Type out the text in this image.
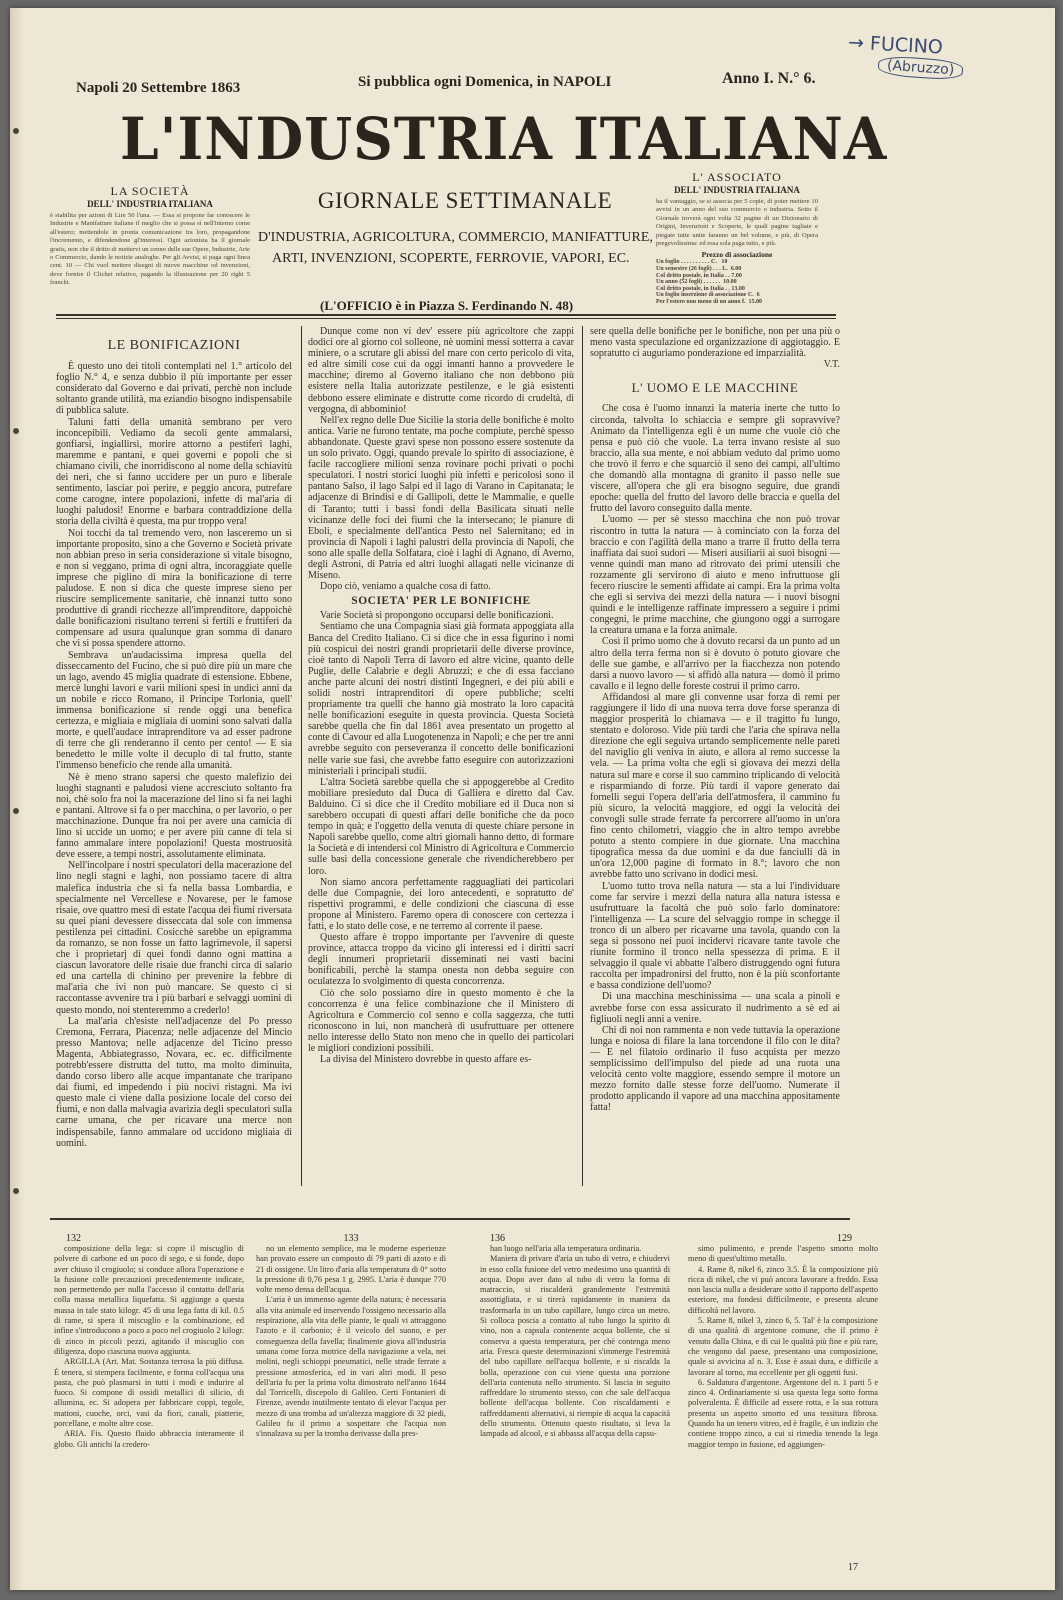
→ FUCINO
(Abruzzo)
Napoli 20 Settembre 1863	Si pubblica ogni Domenica, in NAPOLI	Anno I. N.° 6.
L'INDUSTRIA ITALIANA
GIORNALE SETTIMANALE
D'INDUSTRIA, AGRICOLTURA, COMMERCIO, MANIFATTURE,
ARTI, INVENZIONI, SCOPERTE, FERROVIE, VAPORI, EC.
(L'OFFICIO è in Piazza S. Ferdinando N. 48)
LA SOCIETÀ
DELL' INDUSTRIA ITALIANA
è stabilita per azioni di Lire 50 l'una. — Essa si propone far conoscere le Industrie e Manifatture italiane il meglio che si possa sì nell'interno come all'estero; mettendole in pronta comunicazione tra loro, propagandone l'incremento, e difendendone gl'interessi. Ogni azionista ha il giornale gratis, non che il dritto di mettervi un cenno delle sue Opere, Industrie, Arte o Commercio, dando le notizie analoghe. Per gli Avvisi, si paga ogni linea cent. 10 — Chi vuol mettere disegni di nuove macchine od invenzioni, deve fornire il Clichet relativo, pagando la illustrazione per 20 righi 5 franchi.
L' ASSOCIATO
DELL' INDUSTRIA ITALIANA
ha il vantaggio, se si associa per 5 copie, di poter mettere 10 avvisi in un anno del suo commercio o industria. Sotto il Giornale troverà ogni volta 32 pagine di un Dizionario di Origini, Invenzioni e Scoperte, le quali pagine tagliate e piegate tutte unite faranno un bel volume, e più, di Opera pregevolissima: ed essa sola paga tutto, e più.
Prezzo di associazione
Un foglio . . . . . . . . . . C.   10
Un semestre (26 fogli) . . . L.  6.00
Col dritto postale, in Italia . . 7.00
Un anno (52 fogli) . . . . . .  10.00
Col dritto postale, in Italia . . 13.00
Un foglio inserzione di associazione C.  6
Per l'estero non meno di un anno f.  15.00
LE BONIFICAZIONI

È questo uno dei titoli contemplati nel 1.° articolo del foglio N.° 4, e senza dubbio il più importante per esser considerato dal Governo e dai privati, perchè non include soltanto grande utilità, ma eziandio bisogno indispensabile di pubblica salute.

Taluni fatti della umanità sembrano per vero inconcepibili. Vediamo da secoli gente ammalarsi, gonfiarsi, ingiallirsi, morire attorno a pestiferi laghi, maremme e pantani, e quei governi e popoli che si chiamano civili, che inorridiscono al nome della schiavitù dei neri, che si fanno uccidere per un puro e liberale sentimento, lasciar poi perire, e peggio ancora, putrefare come carogne, intere popolazioni, infette di mal'aria di luoghi paludosi! Enorme e barbara contraddizione della storia della civiltà è questa, ma pur troppo vera!

Noi tocchi da tal tremendo vero, non lasceremo un sì importante proposito, sino a che Governo e Società private non abbian preso in seria considerazione sì vitale bisogno, e non si veggano, prima di ogni altra, incoraggiate quelle imprese che piglino di mira la bonificazione di terre paludose. E non si dica che queste imprese sieno per riuscire semplicemente sanitarie, chè innanzi tutto sono produttive di grandi ricchezze all'imprenditore, dappoichè dalle bonificazioni risultano terreni sì fertili e fruttiferi da compensare ad usura qualunque gran somma di danaro che vi si possa spendere attorno.

Sembrava un'audacissima impresa quella del disseccamento del Fucino, che si può dire più un mare che un lago, avendo 45 miglia quadrate di estensione. Ebbene, mercè lunghi lavori e varii milioni spesi in undici anni da un nobile e ricco Romano, il Principe Torlonia, quell' immensa bonificazione si rende oggi una benefica certezza, e migliaia e migliaia di uomini sono salvati dalla morte, e quell'audace intraprenditore va ad esser padrone di terre che gli renderanno il cento per cento! — E sia benedetto le mille volte il decuplo di tal frutto, stante l'immenso beneficio che rende alla umanità.

Nè è meno strano sapersi che questo malefizio dei luoghi stagnanti e paludosi viene accresciuto soltanto fra noi, chè solo fra noi la macerazione del lino si fa nei laghi e pantani. Altrove si fa o per macchina, o per lavorio, o per macchinazione. Dunque fra noi per avere una camicia di lino si uccide un uomo; e per avere più canne di tela si fanno ammalare intere popolazioni! Questa mostruosità deve essere, a tempi nostri, assolutamente eliminata.

Nell'incolpare i nostri speculatori della macerazione del lino negli stagni e laghi, non possiamo tacere di altra malefica industria che si fa nella bassa Lombardia, e specialmente nel Vercellese e Novarese, per le famose risaie, ove quattro mesi di estate l'acqua dei fiumi riversata su quei piani devessere disseccata dal sole con immensa pestilenza pei cittadini. Cosicchè sarebbe un epigramma da romanzo, se non fosse un fatto lagrimevole, il sapersi che i proprietarj di quei fondi danno ogni mattina a ciascun lavoratore delle risaie due franchi circa di salario ed una cartella di chinino per prevenire la febbre di mal'aria che ivi non può mancare. Se questo ci si raccontasse avvenire tra i più barbari e selvaggi uomini di questo mondo, noi stenteremmo a crederlo!

La mal'aria ch'esiste nell'adjacenze del Po presso Cremona, Ferrara, Piacenza; nelle adjacenze del Mincio presso Mantova; nelle adjacenze del Ticino presso Magenta, Abbiategrasso, Novara, ec. ec. difficilmente potrebb'essere distrutta del tutto, ma molto diminuita, dando corso libero alle acque impantanate che traripano dai fiumi, ed impedendo i più nocivi ristagni. Ma ivi questo male ci viene dalla posizione locale del corso dei fiumi, e non dalla malvagia avarizia degli speculatori sulla carne umana, che per ricavare una merce non indispensabile, fanno ammalare od uccidono migliaia di uomini.

Dunque come non vi dev' essere più agricoltore che zappi dodici ore al giorno col solleone, nè uomini messi sotterra a cavar miniere, o a scrutare gli abissi del mare con certo pericolo di vita, ed altre simili cose cui da oggi innanti hanno a provvedere le macchine; diremo al Governo italiano che non debbono più esistere nella Italia autorizzate pestilenze, e le già esistenti debbono essere eliminate e distrutte come ricordo di crudeltà, di vergogna, di abbominio!

Nell'ex regno delle Due Sicilie la storia delle bonifiche è molto antica. Varie ne furono tentate, ma poche compiute, perchè spesso abbandonate. Queste gravi spese non possono essere sostenute da un solo privato. Oggi, quando prevale lo spirito di associazione, è facile raccogliere milioni senza rovinare pochi privati o pochi speculatori. I nostri storici luoghi più infetti e pericolosi sono il pantano Salso, il lago Salpi ed il lago di Varano in Capitanata; le adjacenze di Brindisi e di Gallipoli, dette le Mammalie, e quelle di Taranto; tutti i bassi fondi della Basilicata situati nelle vicinanze delle foci dei fiumi che la intersecano; le pianure di Eboli, e specialmente dell'antica Pesto nel Salernitano; ed in provincia di Napoli i laghi palustri della provincia di Napoli, che sono alle spalle della Solfatara, cioè i laghi di Agnano, di Averno, degli Astroni, di Patria ed altri luoghi allagati nelle vicinanze di Miseno.

Dopo ciò, veniamo a qualche cosa di fatto.

SOCIETA' PER LE BONIFICHE

Varie Società si propongono occuparsi delle bonificazioni.

Sentiamo che una Compagnia siasi già formata appoggiata alla Banca del Credito Italiano. Ci si dice che in essa figurino i nomi più cospicui dei nostri grandi proprietarii delle diverse province, cioè tanto di Napoli Terra di lavoro ed altre vicine, quanto delle Puglie, delle Calabrie e degli Abruzzi; e che di essa facciano anche parte alcuni dei nostri distinti Ingegneri, e dei più abili e solidi nostri intraprenditori di opere pubbliche; scelti propriamente tra quelli che hanno già mostrato la loro capacità nelle bonificazioni eseguite in questa provincia. Questa Società sarebbe quella che fin dal 1861 avea presentato un progetto al conte di Cavour ed alla Luogotenenza in Napoli; e che per tre anni avrebbe seguito con perseveranza il concetto delle bonificazioni nelle varie sue fasi, che avrebbe fatto eseguire con autorizzazioni ministeriali i principali studii.

L'altra Società sarebbe quella che si appoggerebbe al Credito mobiliare presieduto dal Duca di Galliera e diretto dal Cav. Balduino. Ci si dice che il Credito mobiliare ed il Duca non si sarebbero occupati di questi affari delle bonifiche che da poco tempo in quà; e l'oggetto della venuta di queste chiare persone in Napoli sarebbe quello, come altri giornali hanno detto, di formare la Società e di intendersi col Ministro di Agricoltura e Commercio sulle basi della concessione generale che rivendicherebbero per loro.

Non siamo ancora perfettamente ragguagliati dei particolari delle due Compagnie, dei loro antecedenti, e sopratutto de' rispettivi programmi, e delle condizioni che ciascuna di esse propone al Ministero. Faremo opera di conoscere con certezza i fatti, e lo stato delle cose, e ne terremo al corrente il paese.

Questo affare è troppo importante per l'avvenire di queste province, attacca troppo da vicino gli interessi ed i diritti sacri degli innumeri proprietarii disseminati nei vasti bacini bonificabili, perchè la stampa onesta non debba seguire con oculatezza lo svolgimento di questa concorrenza.

Ciò che solo possiamo dire in questo momento è che la concorrenza è una felice combinazione che il Ministero di Agricoltura e Commercio col senno e colla saggezza, che tutti riconoscono in lui, non mancherà di usufruttuare per ottenere nello interesse dello Stato non meno che in quello dei particolari le migliori condizioni possibili.

La divisa del Ministero dovrebbe in questo affare es-

sere quella delle bonifiche per le bonifiche, non per una più o meno vasta speculazione ed organizzazione di aggiotaggio. E sopratutto ci auguriamo ponderazione ed imparzialità.

V.T.
L' UOMO E LE MACCHINE

Che cosa è l'uomo innanzi la materia inerte che tutto lo circonda, talvolta lo schiaccia e sempre gli sopravvive? Animato da l'intelligenza egli è un nume che vuole ciò che pensa e può ciò che vuole. La terra invano resiste al suo braccio, alla sua mente, e noi abbiam veduto dal primo uomo che trovò il ferro e che squarciò il seno dei campi, all'ultimo che domandò alla montagna di granito il passo nelle sue viscere, all'opera che gli era bisogno seguire, due grandi epoche: quella del frutto del lavoro delle braccia e quella del frutto del lavoro conseguito dalla mente.

L'uomo — per sè stesso macchina che non può trovar riscontro in tutta la natura — à cominciato con la forza del braccio e con l'agilità della mano a trarre il frutto della terra inaffiata dai suoi sudori — Miseri ausiliarii ai suoi bisogni — venne quindi man mano ad ritrovato dei primi utensili che rozzamente gli servirono di aiuto e meno infruttuose gli fecero riuscire le sementi affidate ai campi. Era la prima volta che egli si serviva dei mezzi della natura — i nuovi bisogni quindi e le intelligenze raffinate impressero a seguire i primi congegni, le prime macchine, che giungono oggi a surrogare la creatura umana e la forza animale.

Così il primo uomo che à dovuto recarsi da un punto ad un altro della terra ferma non si è dovuto ò potuto giovare che delle sue gambe, e all'arrivo per la fiacchezza non potendo darsi a nuovo lavoro — si affidò alla natura — domò il primo cavallo e il legno delle foreste costruì il primo carro.

Affidandosi al mare gli convenne usar forza di remi per raggiungere il lido di una nuova terra dove forse speranza di maggior prosperità lo chiamava — e il tragitto fu lungo, stentato e doloroso. Vide più tardi che l'aria che spirava nella direzione che egli seguiva urtando semplicemente nelle pareti del naviglio gli veniva in aiuto, e allora al remo successe la vela. — La prima volta che egli si giovava dei mezzi della natura sul mare e corse il suo cammino triplicando di velocità e risparmiando di forze. Più tardi il vapore generato dai fornelli seguì l'opera dell'aria dell'atmosfera, il cammino fu più sicuro, la velocità maggiore, ed oggi la velocità dei convogli sulle strade ferrate fa percorrere all'uomo in un'ora fino cento chilometri, viaggio che in altro tempo avrebbe potuto a stento compiere in due giornate. Una macchina tipografica messa da due uomini e da due fanciulli dà in un'ora 12,000 pagine di formato in 8.°; lavoro che non avrebbe fatto uno scrivano in dodici mesi.

L'uomo tutto trova nella natura — sta a lui l'individuare come far servire i mezzi della natura alla natura istessa e usufruttuare la facoltà che può solo farlo dominatore: l'intelligenza — La scure del selvaggio rompe in schegge il tronco di un albero per ricavarne una tavola, quando con la sega si possono nei puoi incidervi ricavare tante tavole che riunite formino il tronco nella spessezza di prima. E il selvaggio il quale vi abbatte l'albero distruggendo ogni futura raccolta per impadronirsi del frutto, non è la più sconfortante e bassa condizione dell'uomo?

Di una macchina meschinissima — una scala a pinoli e avrebbe forse con essa assicurato il nudrimento a sè ed ai figliuoli negli anni a venire.

Chi di noi non rammenta e non vede tuttavia la operazione lunga e noiosa di filare la lana torcendone il filo con le dita? — E nel filatoio ordinario il fuso acquista per mezzo semplicissimo dell'impulso del piede ad una ruota una velocità cento volte maggiore, essendo sempre il motore un mezzo fornito dalle stesse forze dell'uomo. Numerate il prodotto applicando il vapore ad una macchina appositamente fatta!

132

composizione della lega: si copre il miscuglio di polvere di carbone ed un poco di sego, e si fonde, dopo aver chiuso il crogiuolo; si conduce allora l'operazione e la fusione colle precauzioni precedentemente indicate, non permettendo per nulla l'accesso il contatto dell'aria colla massa metallica liquefatta. Si aggiunge a questa massa in tale stato kilogr. 45 di una lega fatta di kil. 0.5 di rame, si spera il miscuglio e la combinazione, ed infine s'introducono a poco a poco nel crogiuolo 2 kilogr. di zinco in piccoli pezzi, agitando il miscuglio con diligenza, dopo ciascuna nuova aggiunta.

ARGILLA (Art. Mat. Sostanza terrosa la più diffusa. È tenera, si stempera facilmente, e forma coll'acqua una pasta, che può plasmarsi in tutti i modi e indurire al fuoco. Si compone di ossidi metallici di silicio, di allumina, ec. Si adopera per fabbricare coppi, tegole, mattoni, cuoche, orci, vasi da fiori, canali, piatterie, porcellane, e molte altre cose.

ARIA. Fis. Questo fluido abbraccia interamente il globo. Gli antichi la credero-

133

no un elemento semplice, ma le moderne esperienze han provato essere un composto di 79 parti di azoto e di 21 di ossigene. Un litro d'aria alla temperatura di 0° sotto la pressione di 0,76 pesa 1 g. 2995. L'aria è dunque 770 volte meno densa dell'acqua.

L'aria è un immenso agente della natura; è necessaria alla vita animale ed inservendo l'ossigeno necessario alla respirazione, alla vita delle piante, le quali vi attraggono l'azoto e il carbonio; è il veicolo del suono, e per conseguenza della favella; finalmente giova all'industria umana come forza motrice della navigazione a vela, nei molini, negli schioppi pneumatici, nelle strade ferrate a pressione atmosferica, ed in vari altri modi. Il peso dell'aria fu per la prima volta dimostrato nell'anno 1644 dal Torricelli, discepolo di Galileo. Certi Fontanieri di Firenze, avendo inutilmente tentato di elevar l'acqua per mezzo di una tromba ad un'altezza maggiore di 32 piedi, Galileo fu il primo a sospettare che l'acqua non s'innalzava su per la tromba derivasse dalla pres-

136

han luogo nell'aria alla temperatura ordinaria.

Maniera di privare d'aria un tubo di vetro, e chiudervi in esso colla fusione del vetro medesimo una quantità di acqua. Dopo aver dato al tubo di vetro la forma di matraccio, si riscalderà grandemente l'estremità assottigliata, e si tirerà rapidamente in maniera da trasformarla in un tubo capillare, lungo circa un metro. Si colloca poscia a contatto al tubo lungo la spirito di vino, non a capsula contenente acqua bollente, che si conserva a questa temperatura, per chè contenga meno aria. Fresca queste determinazioni s'immerge l'estremità del tubo capillare nell'acqua bollente, e si riscalda la bolla, operazione con cui viene questa una porzione dell'aria contenuta nello strumento. Si lascia in seguito raffreddare lo strumento stesso, con che sale dell'acqua bollente dell'acqua bollente. Con riscaldamenti e raffreddamenti alternativi, si riempie di acqua la capacità dello strumento. Ottenuto questo risultato, si leva la lampada ad alcool, e si abbassa all'acqua della capsu-

129

simo pulimento, e prende l'aspetto smorto molto meno di quest'ultimo metallo.

4. Rame 8, nikel 6, zinco 3.5. È la composizione più ricca di nikel, che vi può ancora lavorare a freddo. Essa non lascia nulla a desiderare sotto il rapporto dell'aspetto esteriore, ma fondesi difficilmente, e presenta alcune difficoltà nel lavoro.

5. Rame 8, nikel 3, zinco 6, 5. Tal' è la composizione di una qualità di argentone comune, che il primo è venuto dalla China, e di cui le qualità più fine e più rare, che vengono dal paese, presentano una composizione, quale si avvicina al n. 3. Esse è assai dura, e difficile a lavorare al torno, ma eccellente per gli oggetti fusi.

6. Saldatura d'argentone. Argentone del n. 1 parti 5 e zinco 4. Ordinariamente si usa questa lega sotto forma polverulenta. È difficile ad essere rotta, e la sua rottura presenta un aspetto smorto ed una tessitura fibrosa. Quando ha un tenero vitreo, ed è fragile, è un indizio che contiene troppo zinco, a cui si rimedia tenendo la lega maggior tempo in fusione, ed aggiungen-

17
